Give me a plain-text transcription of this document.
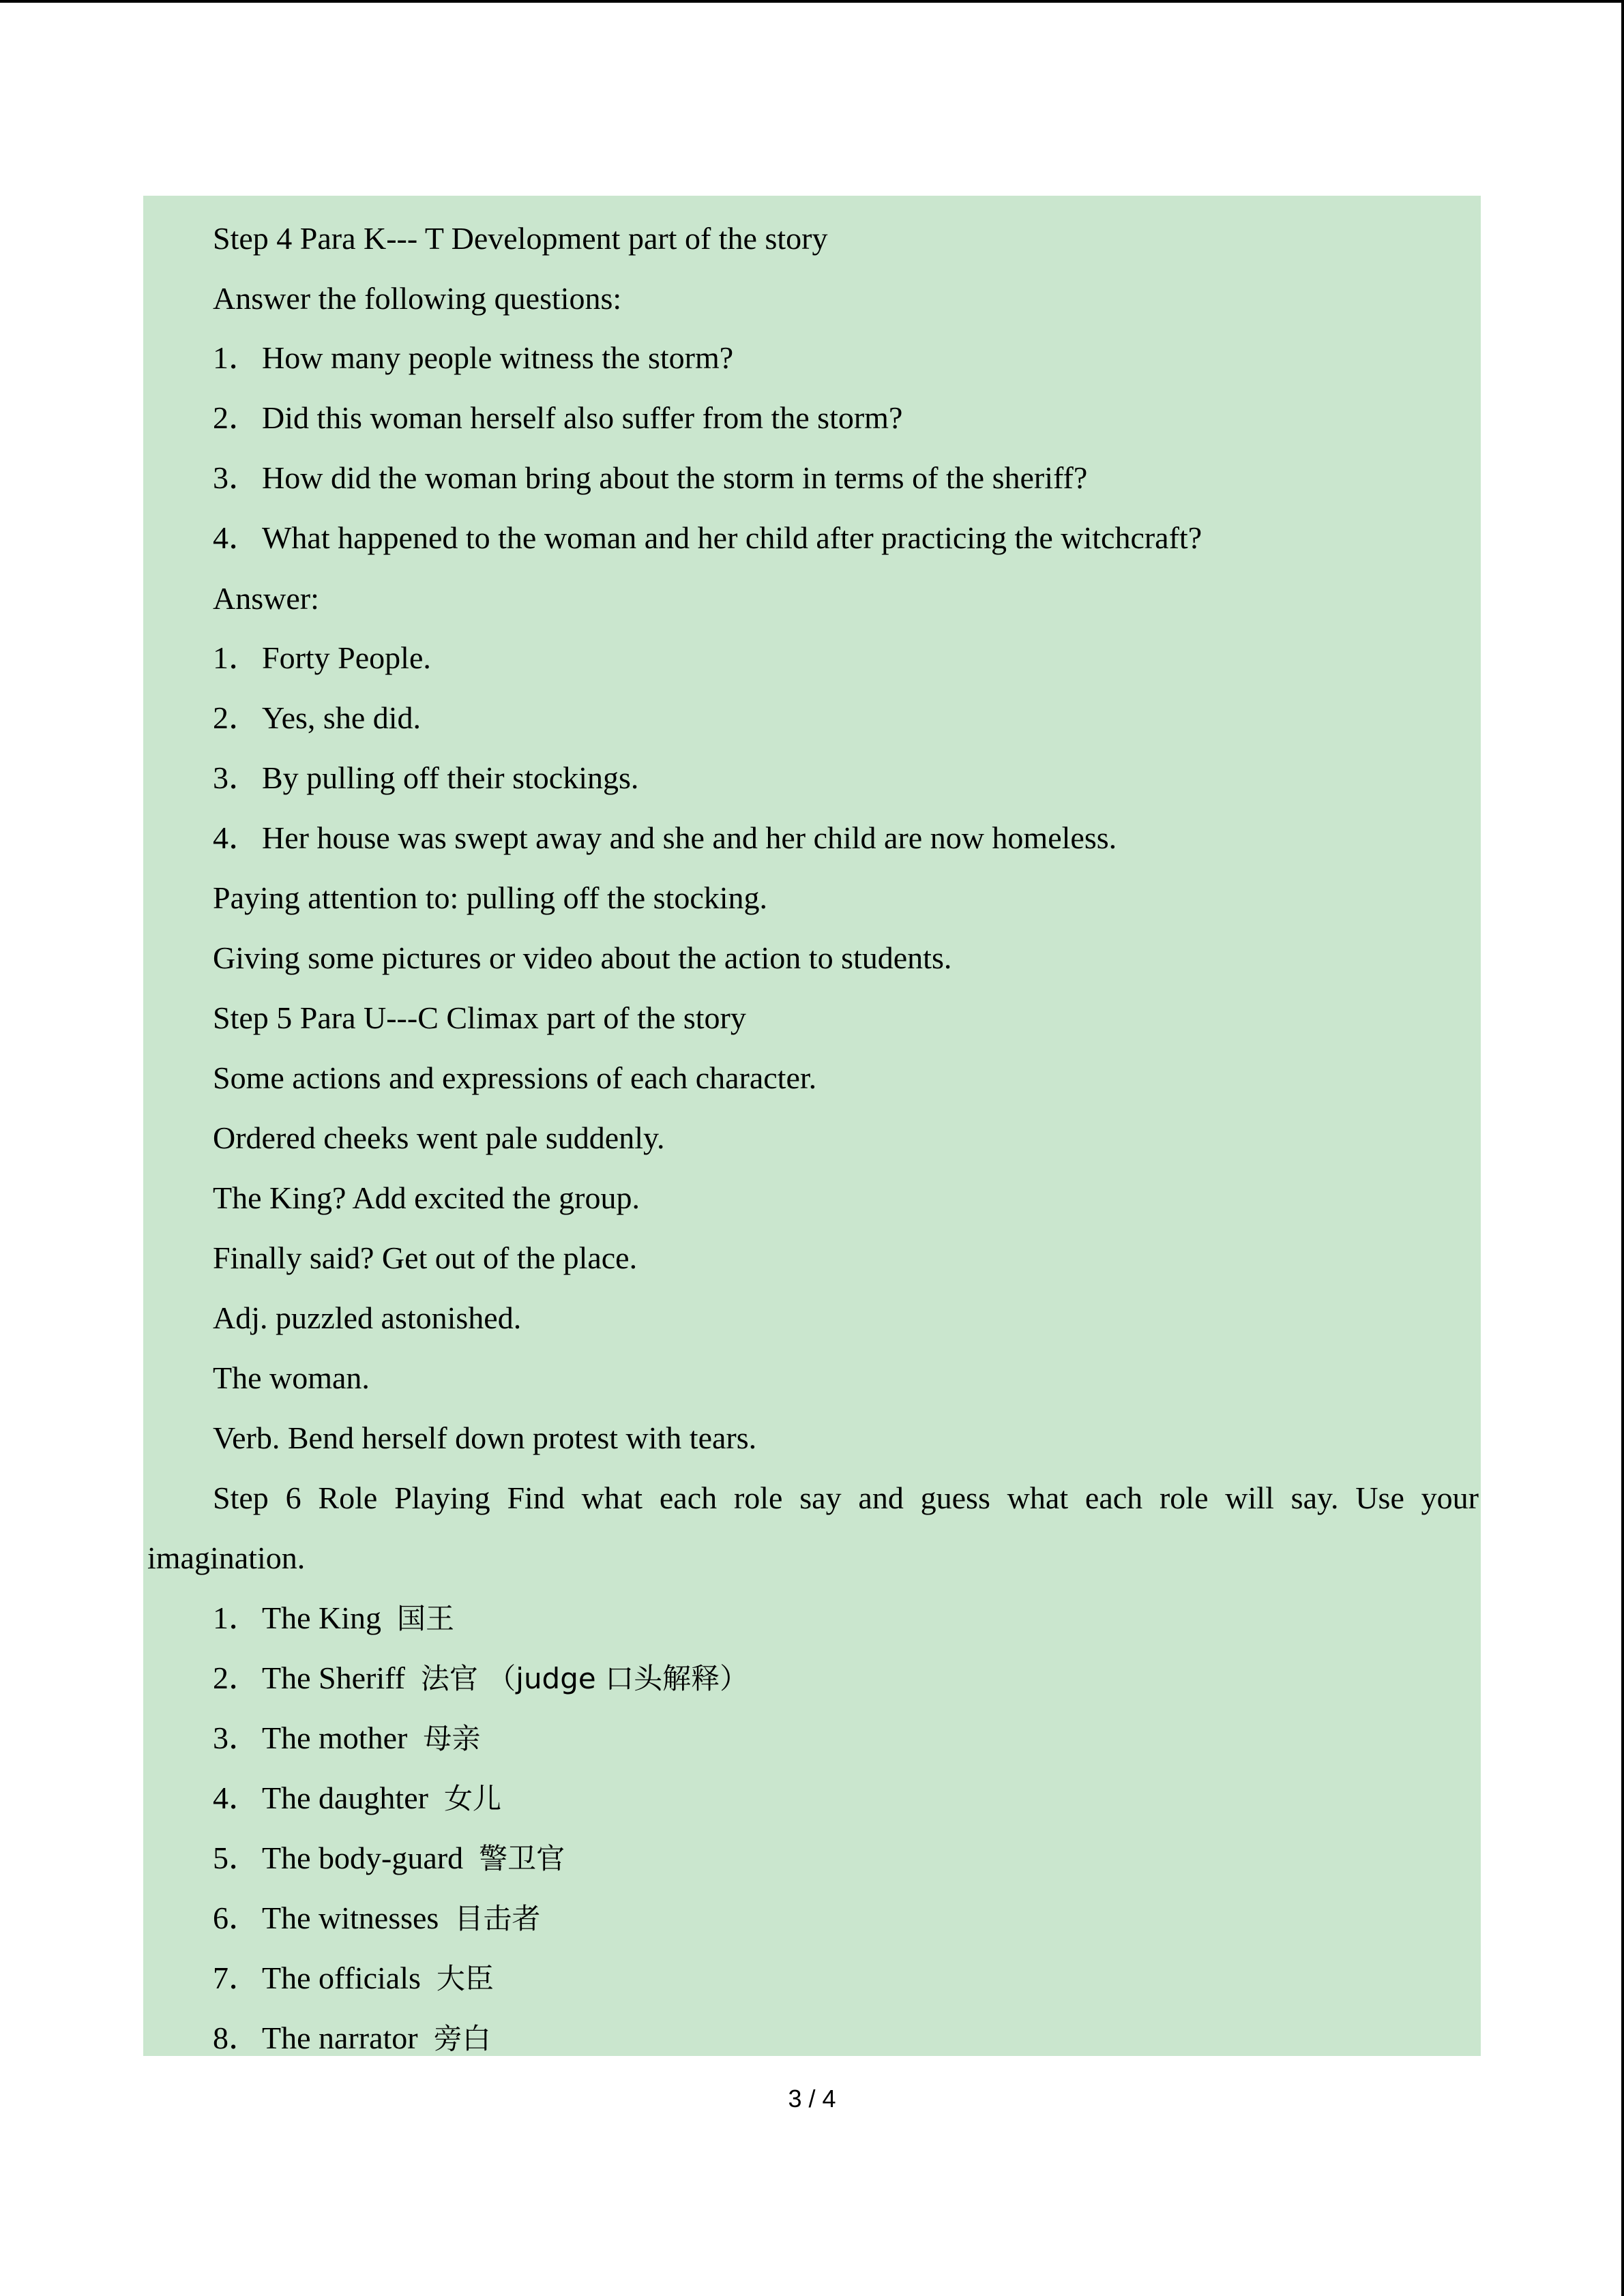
Step 4 Para K--- T Development part of the story
Answer the following questions:
1．How many people witness the storm?
2．Did this woman herself also suffer from the storm?
3．How did the woman bring about the storm in terms of the sheriff?
4．What happened to the woman and her child after practicing the witchcraft?
Answer:
1．Forty People.
2．Yes, she did.
3．By pulling off their stockings.
4．Her house was swept away and she and her child are now homeless.
Paying attention to: pulling off the stocking.
Giving some pictures or video about the action to students.
Step 5 Para U---C Climax part of the story
Some actions and expressions of each character.
Ordered cheeks went pale suddenly.
The King? Add excited the group.
Finally said? Get out of the place.
Adj. puzzled astonished.
The woman.
Verb. Bend herself down protest with tears.
Step 6 Role Playing Find what each role say and guess what each role will say. Use your
imagination.
1．The King 国王
2．The Sheriff 法官 （judge 口头解释）
3．The mother 母亲
4．The daughter 女儿
5．The body-guard 警卫官
6．The witnesses 目击者
7．The officials 大臣
8．The narrator 旁白
3 / 4
